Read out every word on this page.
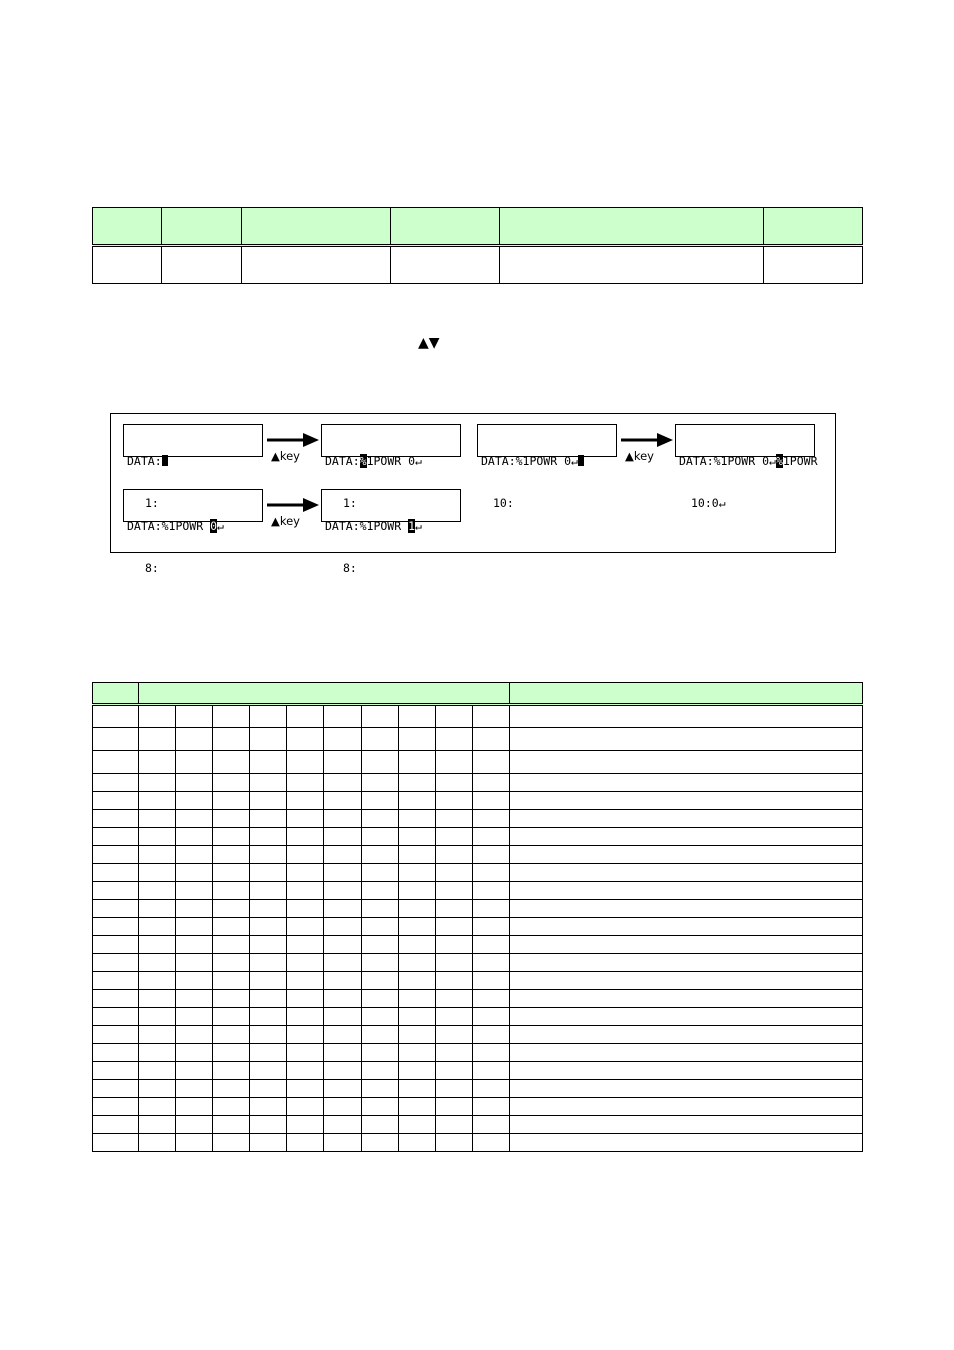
▲▼

DATA:

1:

▲key

DATA:%1POWR 0↵

1:

DATA:%1POWR 0↵

10:

▲key

DATA:%1POWR 0↵%1POWR

10:0↵

DATA:%1POWR 0↵

8:

▲key

DATA:%1POWR 1↵

8:
